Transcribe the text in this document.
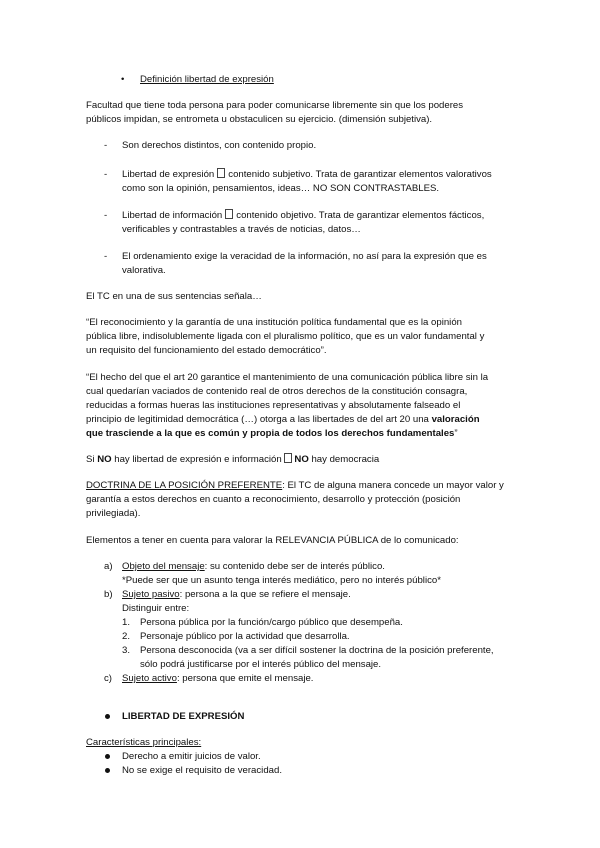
• Definición libertad de expresión
Facultad que tiene toda persona para poder comunicarse libremente sin que los poderes
públicos impidan, se entrometa u obstaculicen su ejercicio. (dimensión subjetiva).
- Son derechos distintos, con contenido propio.
- Libertad de expresión contenido subjetivo. Trata de garantizar elementos valorativos
como son la opinión, pensamientos, ideas… NO SON CONTRASTABLES.
- Libertad de información contenido objetivo. Trata de garantizar elementos fácticos,
verificables y contrastables a través de noticias, datos…
- El ordenamiento exige la veracidad de la información, no así para la expresión que es
valorativa.
El TC en una de sus sentencias señala…
“El reconocimiento y la garantía de una institución política fundamental que es la opinión
pública libre, indisolublemente ligada con el pluralismo político, que es un valor fundamental y
un requisito del funcionamiento del estado democrático”.
“El hecho del que el art 20 garantice el mantenimiento de una comunicación pública libre sin la
cual quedarían vaciados de contenido real de otros derechos de la constitución consagra,
reducidas a formas hueras las instituciones representativas y absolutamente falseado el
principio de legitimidad democrática (…) otorga a las libertades de del art 20 una valoración
que trasciende a la que es común y propia de todos los derechos fundamentales”
Si NO hay libertad de expresión e información NO hay democracia
DOCTRINA DE LA POSICIÓN PREFERENTE: El TC de alguna manera concede un mayor valor y
garantía a estos derechos en cuanto a reconocimiento, desarrollo y protección (posición
privilegiada).
Elementos a tener en cuenta para valorar la RELEVANCIA PÚBLICA de lo comunicado:
a) Objeto del mensaje: su contenido debe ser de interés público.
*Puede ser que un asunto tenga interés mediático, pero no interés público*
b) Sujeto pasivo: persona a la que se refiere el mensaje.
Distinguir entre:
1. Persona pública por la función/cargo público que desempeña.
2. Personaje público por la actividad que desarrolla.
3. Persona desconocida (va a ser difícil sostener la doctrina de la posición preferente,
sólo podrá justificarse por el interés público del mensaje.
c) Sujeto activo: persona que emite el mensaje.
LIBERTAD DE EXPRESIÓN
Características principales:
Derecho a emitir juicios de valor.
No se exige el requisito de veracidad.
